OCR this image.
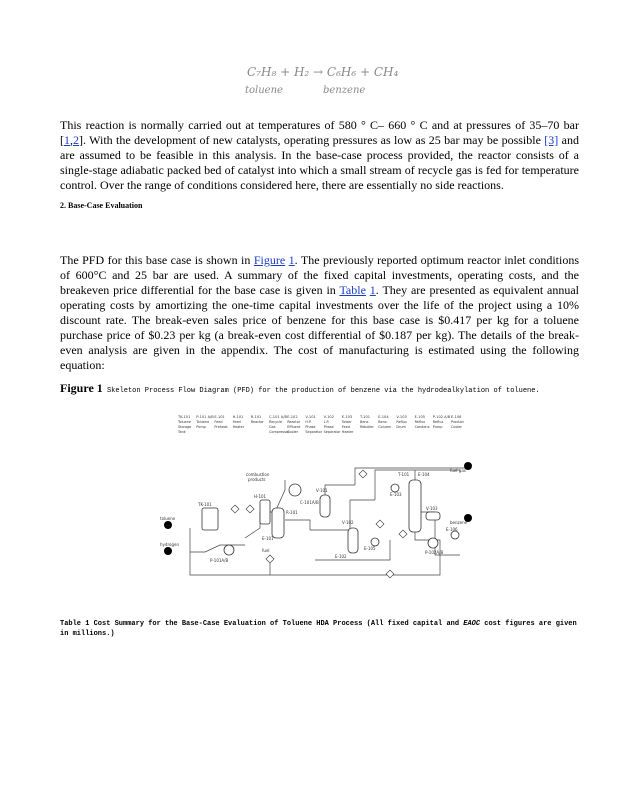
C₇H₈ + H₂ → C₆H₆ + CH₄
toluene	benzene

This reaction is normally carried out at temperatures of 580 ° C– 660 ° C and at pressures of 35–70 bar [1,2]. With the development of new catalysts, operating pressures as low as 25 bar may be possible [3] and are assumed to be feasible in this analysis. In the base-case process provided, the reactor consists of a single-stage adiabatic packed bed of catalyst into which a small stream of recycle gas is fed for temperature control. Over the range of conditions considered here, there are essentially no side reactions.

2. Base-Case Evaluation

The PFD for this base case is shown in Figure 1. The previously reported optimum reactor inlet conditions of 600°C and 25 bar are used. A summary of the fixed capital investments, operating costs, and the breakeven price differential for the base case is given in Table 1. They are presented as equivalent annual operating costs by amortizing the one-time capital investments over the life of the project using a 10% discount rate. The break-even sales price of benzene for this base case is $0.417 per kg for a toluene purchase price of $0.23 per kg (a break-even cost differential of $0.187 per kg). The details of the break-even analysis are given in the appendix. The cost of manufacturing is estimated using the following equation:

Figure 1 Skeleton Process Flow Diagram (PFD) for the production of benzene via the hydrodealkylation of toluene.

TK-101
Toluene
Storage
Tank
P-101 A/B
Toluene
Pump
E-101
Feed
Preheat.
H-101
Feed
Heater
R-101
Reactor
C-101 A/B
Recycle
Gas
Compressor
E-102
Reactor
Effluent
Cooler
V-101
H.P.
Phase
Separator
V-102
L.P.
Phase
Separator
E-103
Tower
Feed
Heater
T-101
Benz.
Reboiler
E-104
Benz.
Column
V-103
Reflux
Drum
E-105
Reflux
Condens.
P-102 A/B
Reflux
Pump
E-106
Product
Cooler
combustion
products
fuel gas
benzene
toluene
hydrogen
TK-101
P-101A/B
H-101
E-101
R-101
C-101A/B
V-101
V-102
E-103
T-101 E-104
V-103
P-102A/B
E-106
E-102
E-105
fuel

Table 1 Cost Summary for the Base-Case Evaluation of Toluene HDA Process (All fixed capital and EAOC cost figures are given in millions.)
